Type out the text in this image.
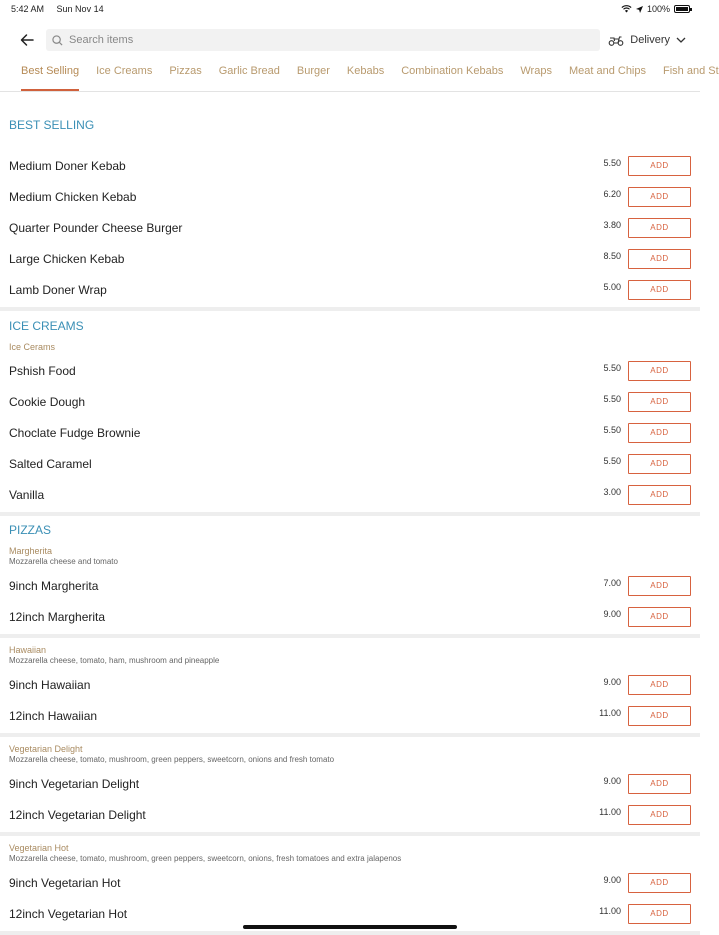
5:42 AM Sun Nov 14	100%
Search items
Delivery
Best Selling Ice Creams Pizzas Garlic Bread Burger Kebabs Combination Kebabs Wraps Meat and Chips Fish and St
BEST SELLING
Medium Doner Kebab	5.50	ADD
Medium Chicken Kebab	6.20	ADD
Quarter Pounder Cheese Burger	3.80	ADD
Large Chicken Kebab	8.50	ADD
Lamb Doner Wrap	5.00	ADD
ICE CREAMS
Ice Cerams
Pshish Food	5.50	ADD
Cookie Dough	5.50	ADD
Choclate Fudge Brownie	5.50	ADD
Salted Caramel	5.50	ADD
Vanilla	3.00	ADD
PIZZAS
Margherita
Mozzarella cheese and tomato
9inch Margherita	7.00	ADD
12inch Margherita	9.00	ADD
Hawaiian
Mozzarella cheese, tomato, ham, mushroom and pineapple
9inch Hawaiian	9.00	ADD
12inch Hawaiian	11.00	ADD
Vegetarian Delight
Mozzarella cheese, tomato, mushroom, green peppers, sweetcorn, onions and fresh tomato
9inch Vegetarian Delight	9.00	ADD
12inch Vegetarian Delight	11.00	ADD
Vegetarian Hot
Mozzarella cheese, tomato, mushroom, green peppers, sweetcorn, onions, fresh tomatoes and extra jalapenos
9inch Vegetarian Hot	9.00	ADD
12inch Vegetarian Hot	11.00	ADD
